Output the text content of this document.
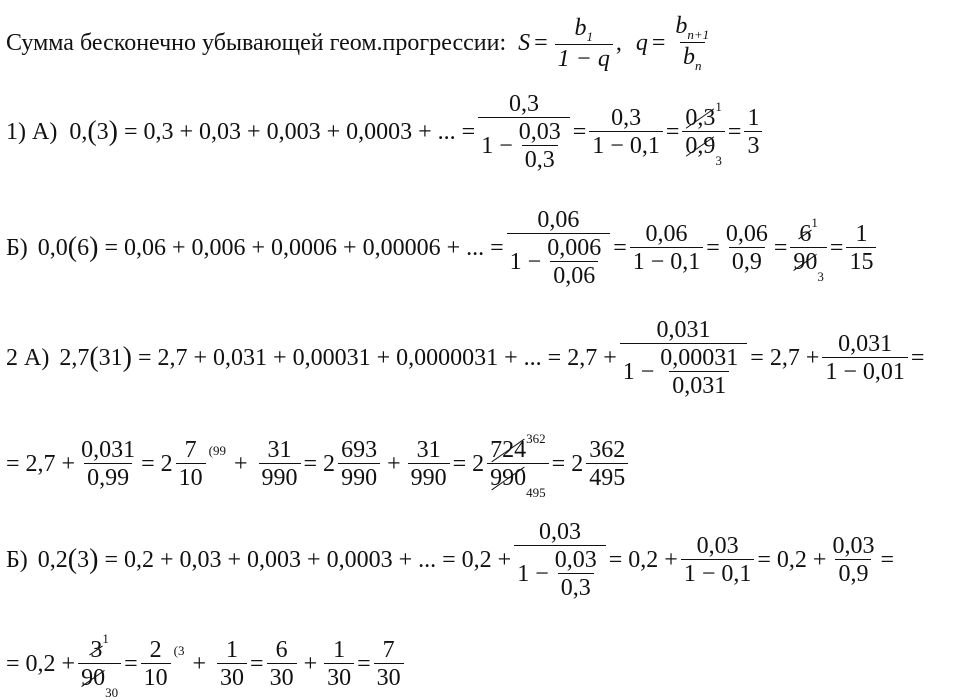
Сумма бесконечно убывающей геом.прогрессии: $S = \frac{b_1}{1 - q}$ , $q = \frac{b_{n+1}}{b_n}$
1) А) 0, ( 3 ) = 0,3 + 0,03 + 0,003 + 0,0003 + ... = $\frac{0,3}{1 - \frac{0,03}{0,3}} = \frac{0,3}{1 - 0,1} = \frac{0,3^1}{0,9_3} = \frac{1}{3}$
Б) 0,0 ( 6 ) = 0,06 + 0,006 + 0,0006 + 0,00006 + ... = $\frac{0,06}{1 - \frac{0,006}{0,06}} = \frac{0,06}{1 - 0,1} = \frac{0,06}{0,9} = \frac{6^1}{90_3} = \frac{1}{15}$
2 А) 2,7 ( 31 ) = 2,7 + 0,031 + 0,00031 + 0,0000031 + ... = $2,7 + \frac{0,031}{1 - \frac{0,00031}{0,031}} = 2,7 + \frac{0,031}{1 - 0,01}$ =
= $2,7 + \frac{0,031}{0,99} = 2 \frac{7}{10} (99$
+ $\frac{31}{990} = 2 \frac{693}{990} + \frac{31}{990} = 2 \frac{724^{362}}{990_{495}} = 2 \frac{362}{495}$
Б) 0,2 ( 3 ) = 0,2 + 0,03 + 0,003 + 0,0003 + ... = $0,2 + \frac{0,03}{1 - \frac{0,03}{0,3}} = 0,2 + \frac{0,03}{1 - 0,1} = 0,2 + \frac{0,03}{0,9}$ =
= $0,2 + \frac{3^1}{90_{30}} = \frac{2}{10} (3$
+ $\frac{1}{30} = \frac{6}{30} + \frac{1}{30} = \frac{7}{30}$
